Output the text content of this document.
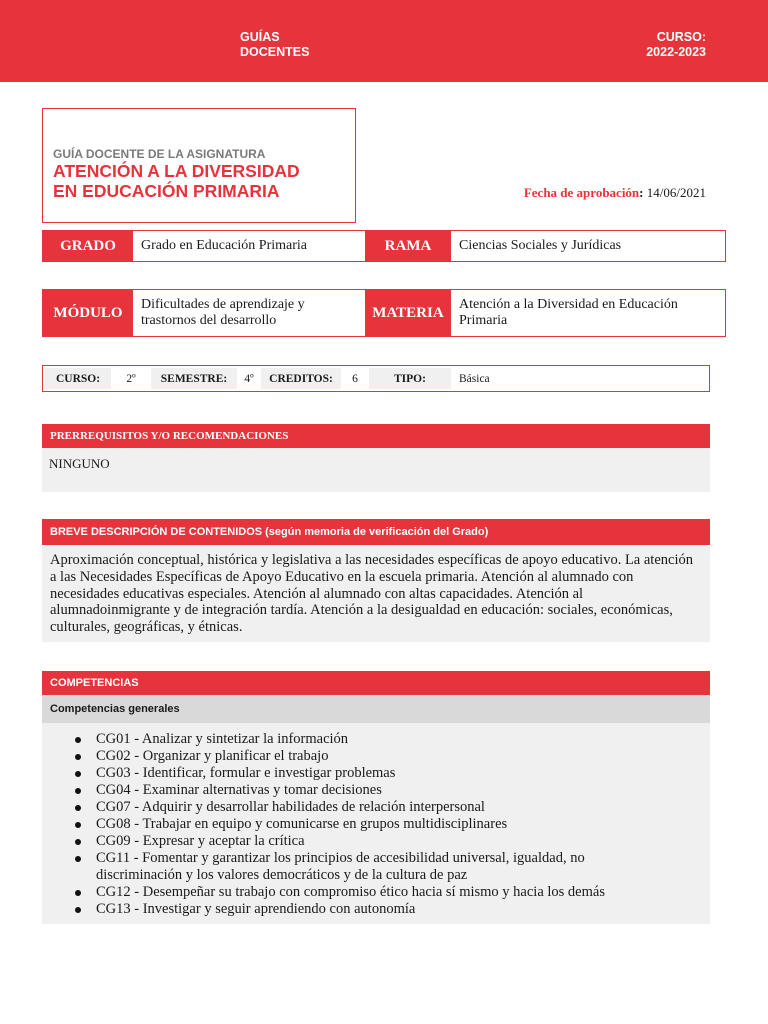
GUÍAS
DOCENTES
CURSO:
2022-2023
GUÍA DOCENTE DE LA ASIGNATURA
ATENCIÓN A LA DIVERSIDAD
EN EDUCACIÓN PRIMARIA	Fecha de aprobación: 14/06/2021
GRADO	Grado en Educación Primaria	RAMA	Ciencias Sociales y Jurídicas
MÓDULO	Dificultades de aprendizaje y trastornos del desarrollo	MATERIA	Atención a la Diversidad en Educación Primaria
CURSO:	2º	SEMESTRE:	4º	CREDITOS:	6	TIPO:	Básica
PRERREQUISITOS Y/O RECOMENDACIONES
NINGUNO
BREVE DESCRIPCIÓN DE CONTENIDOS (según memoria de verificación del Grado)
Aproximación conceptual, histórica y legislativa a las necesidades específicas de apoyo educativo. La atención a las Necesidades Específicas de Apoyo Educativo en la escuela primaria. Atención al alumnado con necesidades educativas especiales. Atención al alumnado con altas capacidades. Atención al alumnadoinmigrante y de integración tardía. Atención a la desigualdad en educación: sociales, económicas, culturales, geográficas, y étnicas.
COMPETENCIAS
Competencias generales
CG01 - Analizar y sintetizar la información
CG02 - Organizar y planificar el trabajo
CG03 - Identificar, formular e investigar problemas
CG04 - Examinar alternativas y tomar decisiones
CG07 - Adquirir y desarrollar habilidades de relación interpersonal
CG08 - Trabajar en equipo y comunicarse en grupos multidisciplinares
CG09 - Expresar y aceptar la crítica
CG11 - Fomentar y garantizar los principios de accesibilidad universal, igualdad, no discriminación y los valores democráticos y de la cultura de paz
CG12 - Desempeñar su trabajo con compromiso ético hacia sí mismo y hacia los demás
CG13 - Investigar y seguir aprendiendo con autonomía
